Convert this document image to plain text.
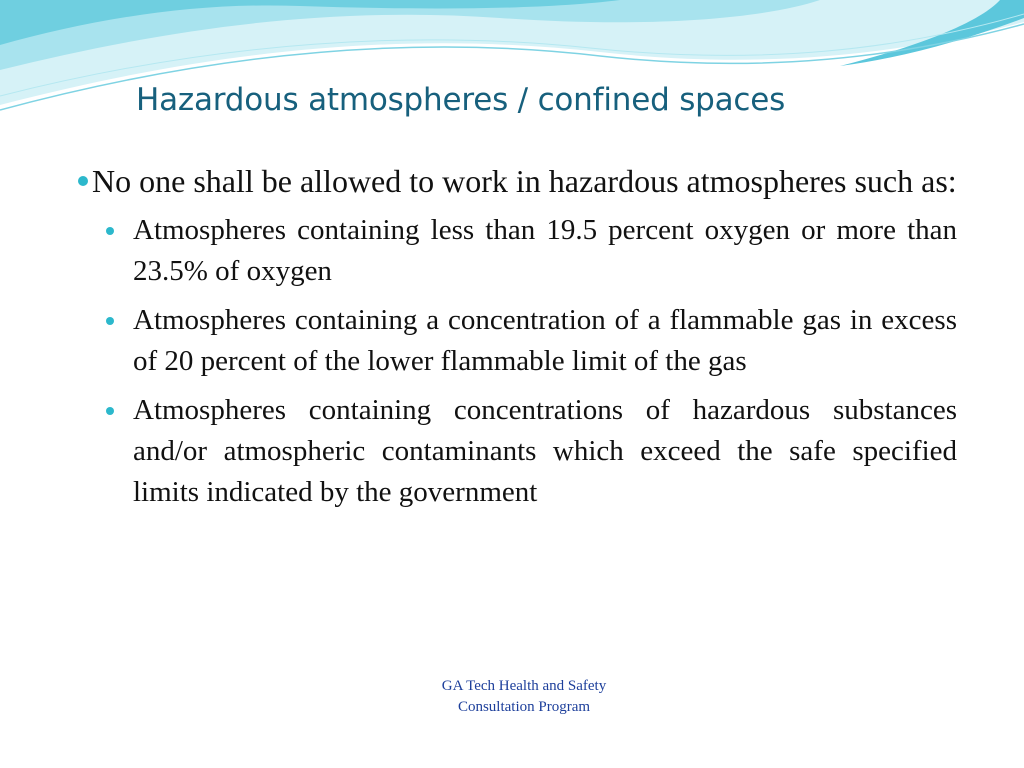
Hazardous atmospheres / confined spaces

No one shall be allowed to work in hazardous atmospheres such as:

Atmospheres containing less than 19.5 percent oxygen or more than 23.5% of oxygen

Atmospheres containing a concentration of a flammable gas in excess of 20 percent of the lower flammable limit of the gas

Atmospheres containing concentrations of hazardous substances and/or atmospheric contaminants which exceed the safe specified limits indicated by the government

GA Tech Health and Safety
Consultation Program
